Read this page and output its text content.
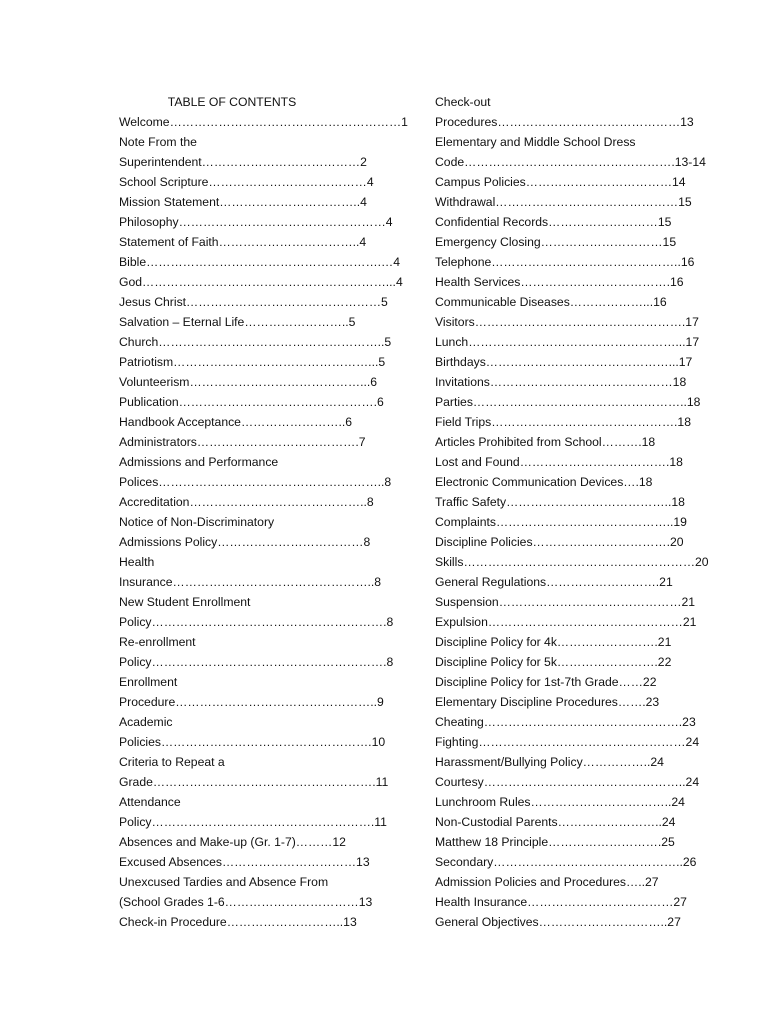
TABLE OF CONTENTS
Welcome…………………………………………………1
Note From the
Superintendent…………………………………2
School Scripture…………………………………4
Mission Statement……………………………..4
Philosophy……………………………………………4
Statement of Faith……………………………..4
Bible………………………………………………….…4
God……………………………………………………...4
Jesus Christ…………………………………………5
Salvation – Eternal Life……………………..5
Church………………………………………………..5
Patriotism…………………………………………...5
Volunteerism……………………………………...6
Publication………………………………………….6
Handbook Acceptance……………………..6
Administrators………………………………….7
Admissions and Performance
Polices………………………………………………..8
Accreditation……………………………………..8
Notice of Non-Discriminatory
Admissions Policy………………………………8
Health
Insurance…………………………………………..8
New Student Enrollment
Policy………………………………………………….8
Re-enrollment
Policy………………………………………………….8
Enrollment
Procedure…………………………………………..9
Academic
Policies…………………………………………….10
Criteria to Repeat a
Grade……………………………………………….11
Attendance
Policy……………………………………………….11
Absences and Make-up (Gr. 1-7)………12
Excused Absences……………………………13
Unexcused Tardies and Absence From
(School Grades 1-6……………………………13
Check-in Procedure………………………..13
Check-out
Procedures………………………………………13
Elementary and Middle School Dress
Code…………………………………………….13-14
Campus Policies………………………………14
Withdrawal………………………………………15
Confidential Records………………………15
Emergency Closing…………………………15
Telephone………………………………………..16
Health Services……………………………….16
Communicable Diseases………………...16
Visitors…………………………………………….17
Lunch……………………………………………...17
Birthdays………………………………………...17
Invitations………………………………………18
Parties……………………………………………..18
Field Trips……………………………………….18
Articles Prohibited from School……….18
Lost and Found……………………………….18
Electronic Communication Devices….18
Traffic Safety…………………………………..18
Complaints……………………………………..19
Discipline Policies…………………………….20
Skills…………………………………………………20
General Regulations……………………….21
Suspension………………………………………21
Expulsion…………………………………………21
Discipline Policy for 4k…………………….21
Discipline Policy for 5k…………………….22
Discipline Policy for 1st-7th Grade……22
Elementary Discipline Procedures…….23
Cheating………………………………………….23
Fighting……………………………………………24
Harassment/Bullying Policy……………..24
Courtesy…………………………………………..24
Lunchroom Rules……………………………..24
Non-Custodial Parents……………………..24
Matthew 18 Principle……………………….25
Secondary………………………………………..26
Admission Policies and Procedures…..27
Health Insurance………………………………27
General Objectives…………………………..27
